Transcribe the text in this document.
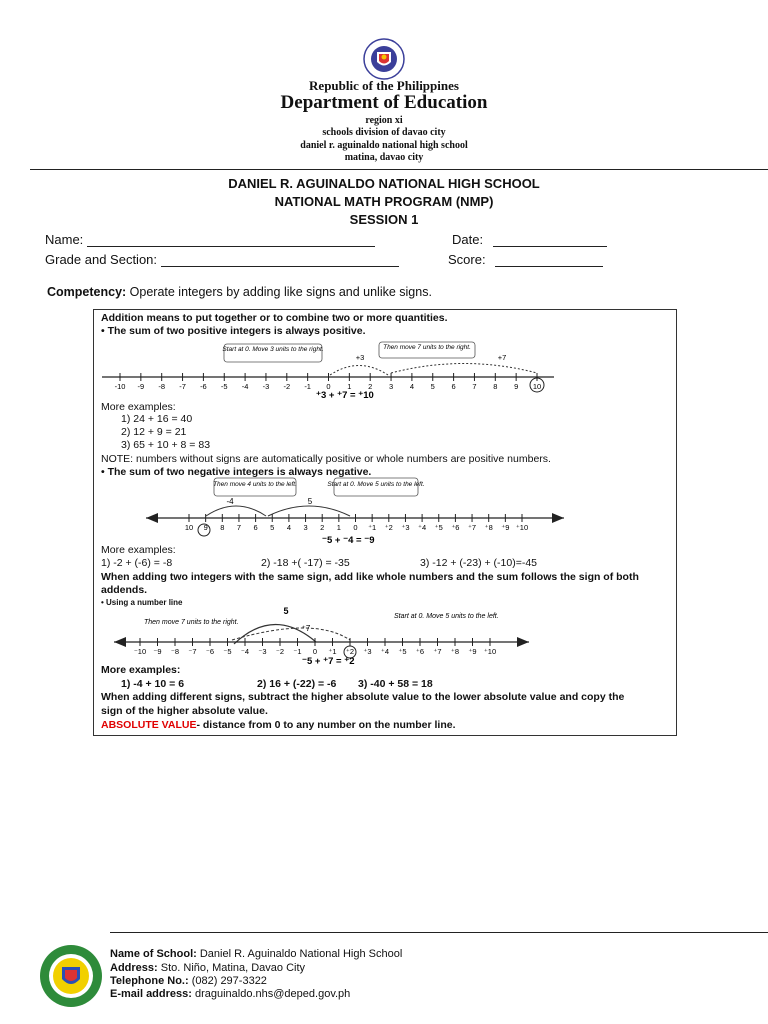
Republic of the Philippines
Department of Education
region xi
schools division of davao city
daniel r. aguinaldo national high school
matina, davao city
DANIEL R. AGUINALDO NATIONAL HIGH SCHOOL
NATIONAL MATH PROGRAM (NMP)
SESSION 1
Name:	Date:
Grade and Section:	Score:
Competency: Operate integers by adding like signs and unlike signs.
Addition means to put together or to combine two or more quantities.
• The sum of two positive integers is always positive.
Start at 0. Move 3 units to the right.	Then move 7 units to the right.
+3	+7
-10 -9 -8 -7 -6 -5 -4 -3 -2 -1 0 1 2 3 4 5 6 7 8 9 10
⁺3 + ⁺7 = ⁺10
More examples:
1) 24 + 16 = 40
2) 12 + 9 = 21
3) 65 + 10 + 8 = 83
NOTE: numbers without signs are automatically positive or whole numbers are positive numbers.
• The sum of two negative integers is always negative.
Then move 4 units to the left.	Start at 0. Move 5 units to the left.
-4	5
10 9 8 7 6 5 4 3 2 1 0 ⁺1 ⁺2 ⁺3 ⁺4 ⁺5 ⁺6 ⁺7 ⁺8 ⁺9 ⁺10
⁻5 + ⁻4 = ⁻9
More examples:
1) -2 + (-6) = -8	2) -18 +( -17) = -35	3) -12 + (-23) + (-10)=-45
When adding two integers with the same sign, add like whole numbers and the sum follows the sign of both
addends.
• Using a number line
Then move 7 units to the right.
Start at 0. Move 5 units to the left.
5
⁺7
⁻10 ⁻9 ⁻8 ⁻7 ⁻6 ⁻5 ⁻4 ⁻3 ⁻2 ⁻1 0 ⁺1 ⁺2 ⁺3 ⁺4 ⁺5 ⁺6 ⁺7 ⁺8 ⁺9 ⁺10
⁻5 + ⁺7 = ⁺2
More examples:
1) -4 + 10 = 6	2) 16 + (-22) = -6 3) -40 + 58 = 18
When adding different signs, subtract the higher absolute value to the lower absolute value and copy the
sign of the higher absolute value.
ABSOLUTE VALUE- distance from 0 to any number on the number line.
Name of School: Daniel R. Aguinaldo National High School
Address: Sto. Niño, Matina, Davao City
Telephone No.: (082) 297-3322
E-mail address: draguinaldo.nhs@deped.gov.ph
